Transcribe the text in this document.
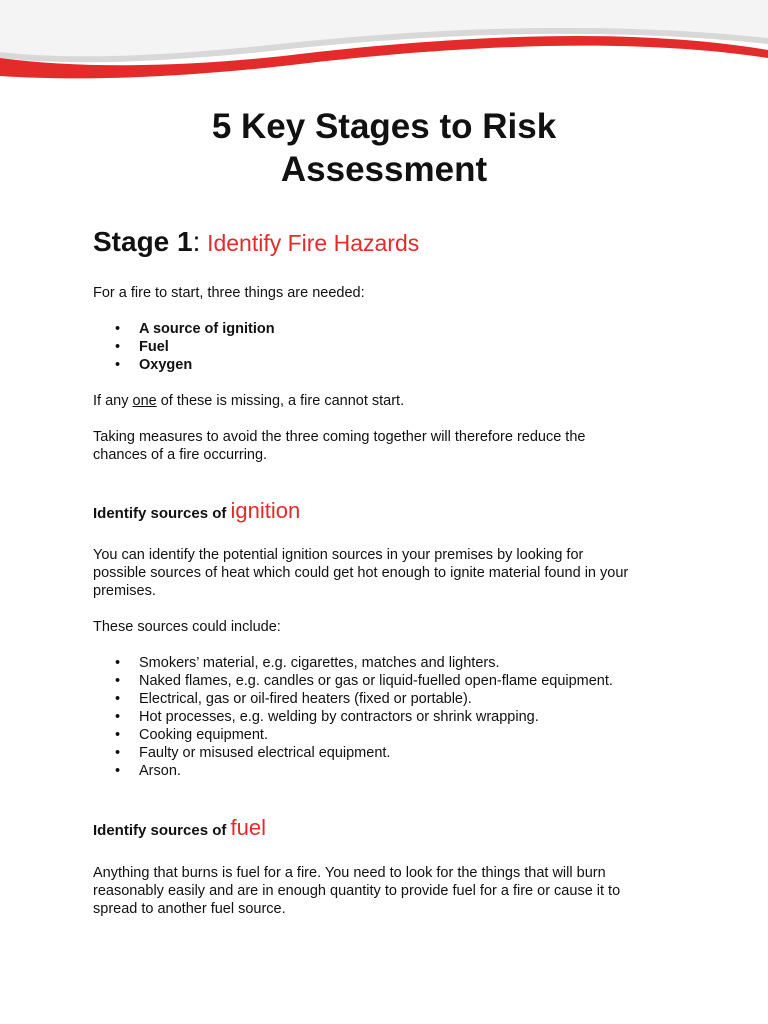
5 Key Stages to Risk
Assessment
Stage 1: Identify Fire Hazards

For a fire to start, three things are needed:

• A source of ignition
• Fuel
• Oxygen

If any one of these is missing, a fire cannot start.

Taking measures to avoid the three coming together will therefore reduce the
chances of a fire occurring.

Identify sources of ignition

You can identify the potential ignition sources in your premises by looking for
possible sources of heat which could get hot enough to ignite material found in your
premises.

These sources could include:

• Smokers’ material, e.g. cigarettes, matches and lighters.
• Naked flames, e.g. candles or gas or liquid-fuelled open-flame equipment.
• Electrical, gas or oil-fired heaters (fixed or portable).
• Hot processes, e.g. welding by contractors or shrink wrapping.
• Cooking equipment.
• Faulty or misused electrical equipment.
• Arson.
Identify sources of fuel

Anything that burns is fuel for a fire. You need to look for the things that will burn
reasonably easily and are in enough quantity to provide fuel for a fire or cause it to
spread to another fuel source.
